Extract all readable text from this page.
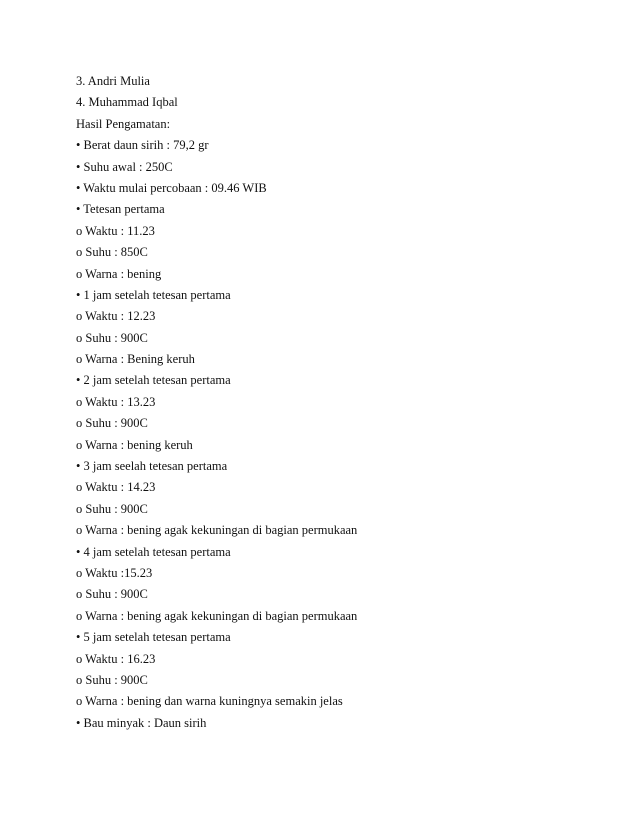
3. Andri Mulia
4. Muhammad Iqbal
Hasil Pengamatan:
• Berat daun sirih : 79,2 gr
• Suhu awal : 250C
• Waktu mulai percobaan : 09.46 WIB
• Tetesan pertama
o Waktu : 11.23
o Suhu : 850C
o Warna : bening
• 1 jam setelah tetesan pertama
o Waktu : 12.23
o Suhu : 900C
o Warna : Bening keruh
• 2 jam setelah tetesan pertama
o Waktu : 13.23
o Suhu : 900C
o Warna : bening keruh
• 3 jam seelah tetesan pertama
o Waktu : 14.23
o Suhu : 900C
o Warna : bening agak kekuningan di bagian permukaan
• 4 jam setelah tetesan pertama
o Waktu :15.23
o Suhu : 900C
o Warna : bening agak kekuningan di bagian permukaan
• 5 jam setelah tetesan pertama
o Waktu : 16.23
o Suhu : 900C
o Warna : bening dan warna kuningnya semakin jelas
• Bau minyak : Daun sirih
